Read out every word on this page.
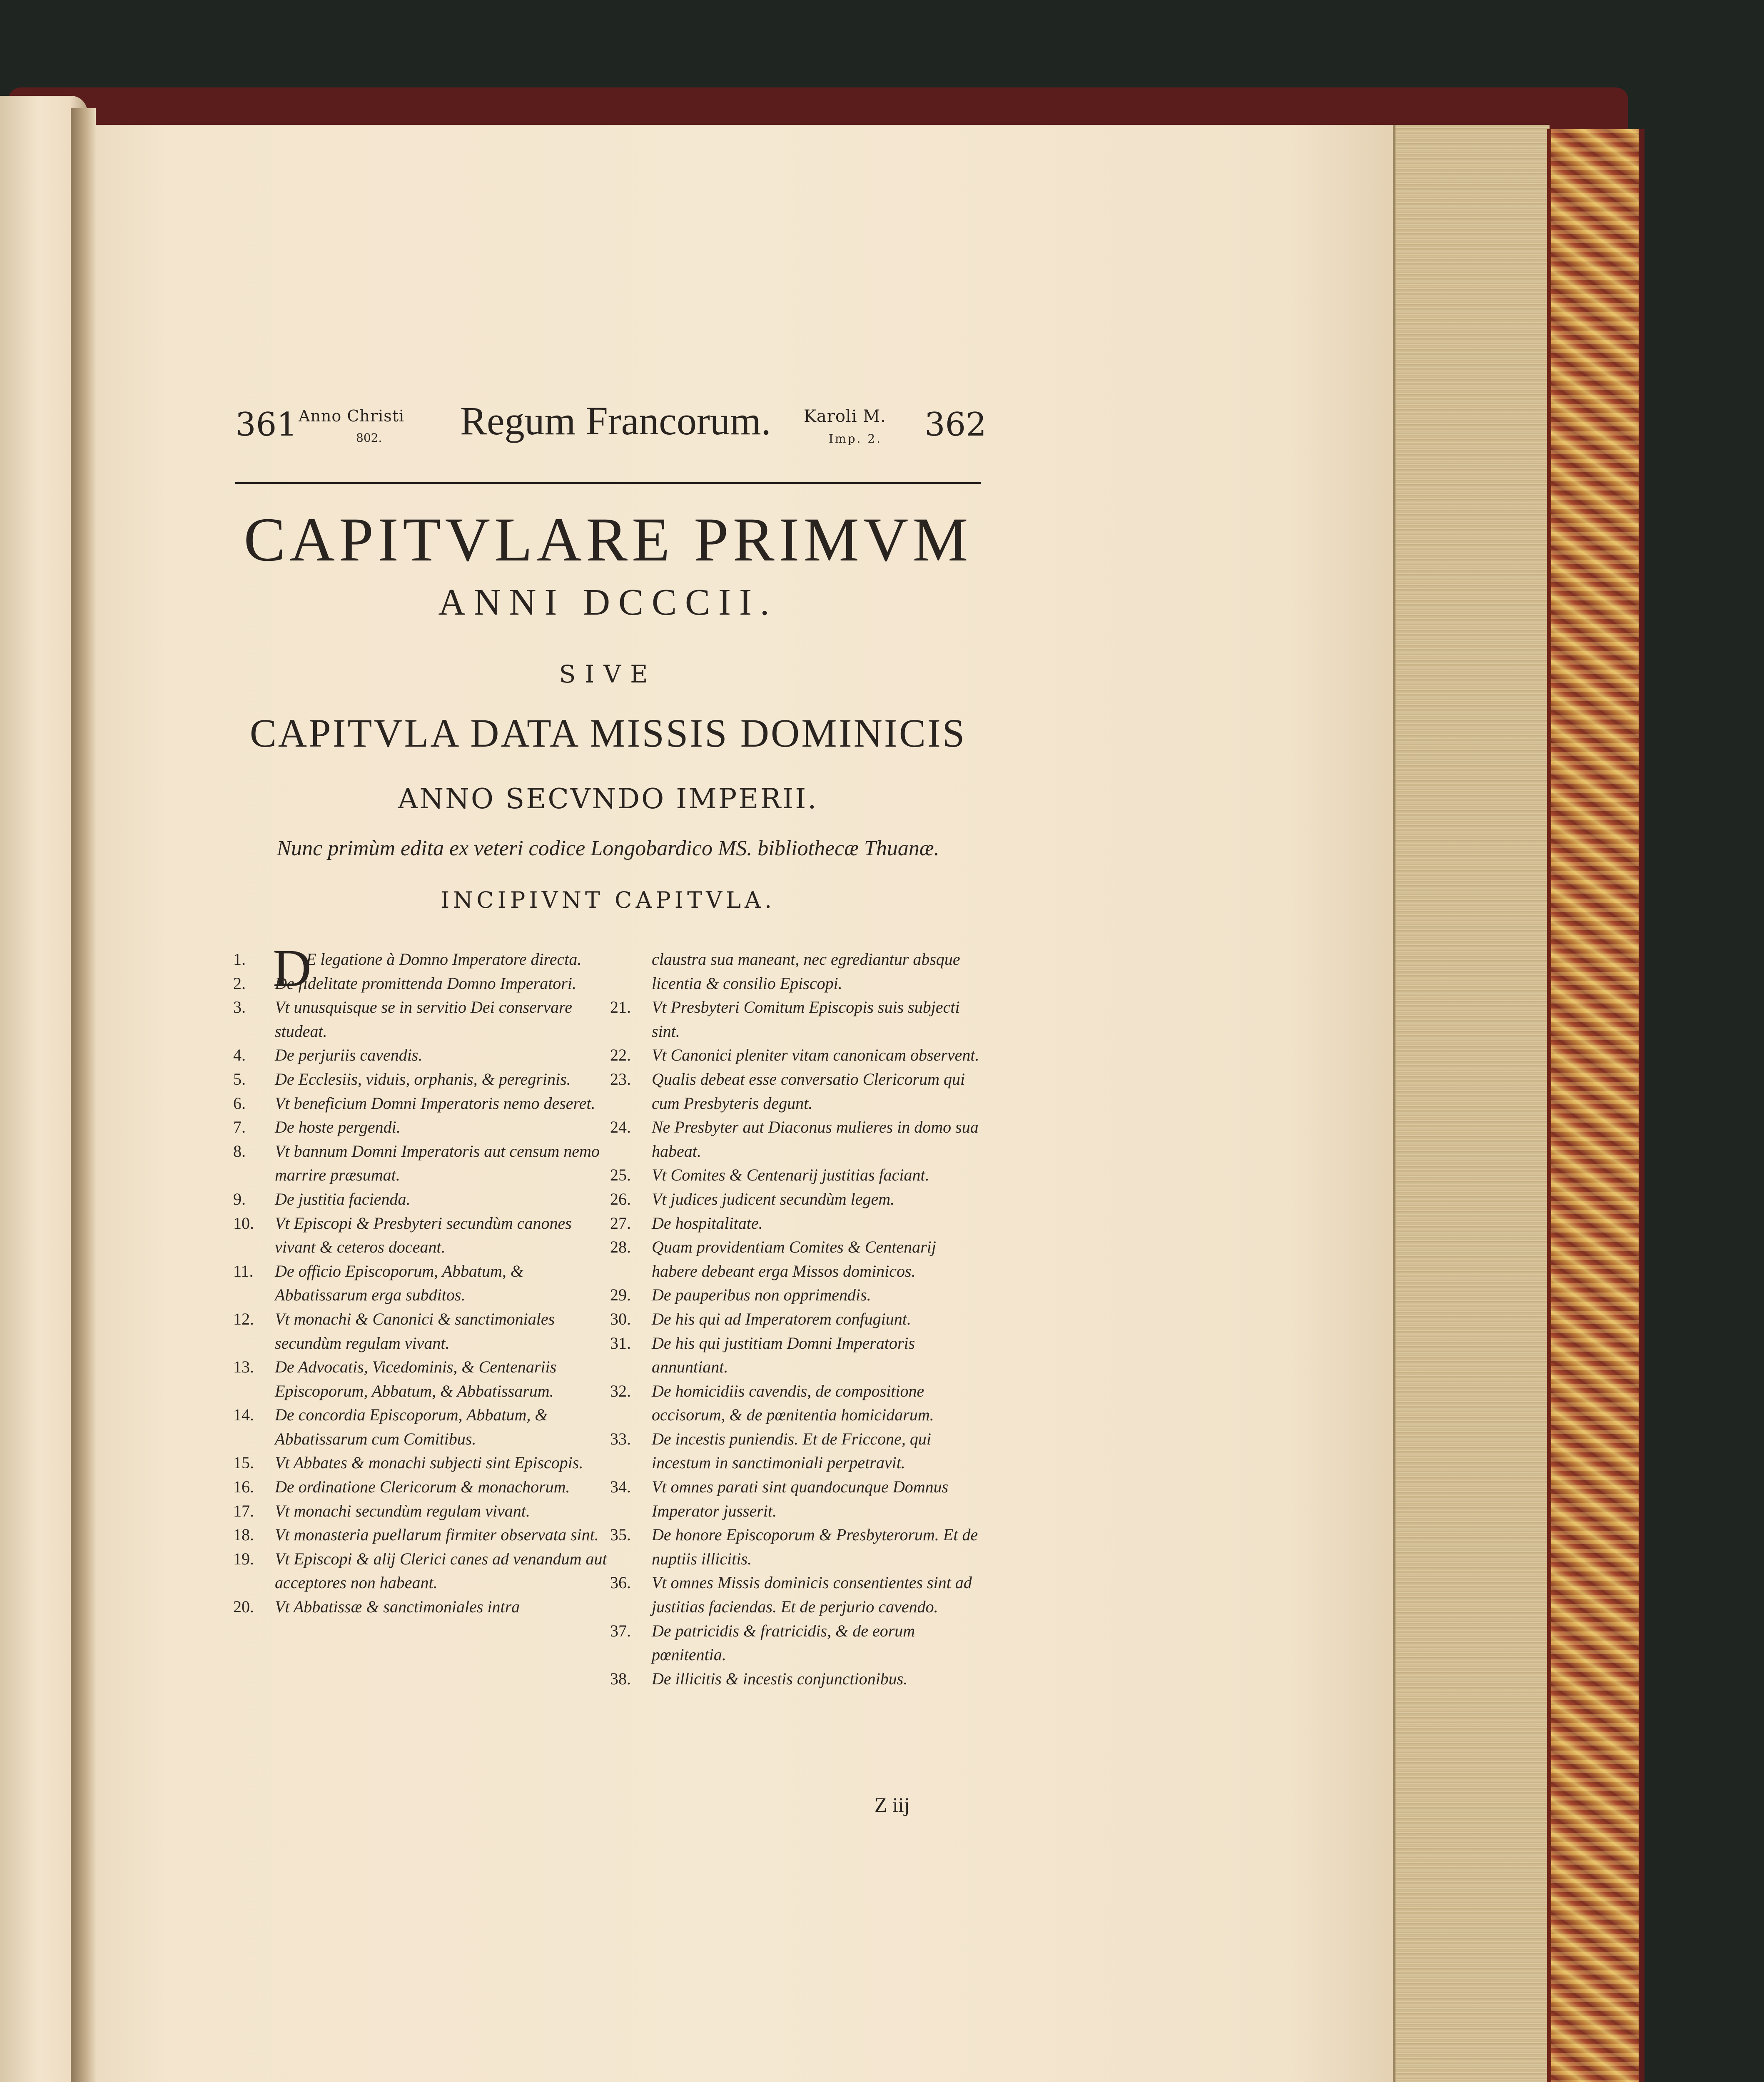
361 Anno Christi
802. Regum Francorum. Karoli M.
Imp. 2. 362
CAPITVLARE PRIMVM
ANNI DCCCII.
SIVE
CAPITVLA DATA MISSIS DOMINICIS
ANNO SECVNDO IMPERII.
Nunc primùm edita ex veteri codice Longobardico MS. bibliothecæ Thuanæ.
INCIPIVNT CAPITVLA.

1. D
E legatione à Domno Imperatore directa.

2. De fidelitate promittenda Domno Imperatori.

3. Vt unusquisque se in servitio Dei conservare studeat.

4. De perjuriis cavendis.

5. De Ecclesiis, viduis, orphanis, & peregrinis.

6. Vt beneficium Domni Imperatoris nemo deseret.

7. De hoste pergendi.

8. Vt bannum Domni Imperatoris aut censum nemo marrire præsumat.

9. De justitia facienda.

10. Vt Episcopi & Presbyteri secundùm canones vivant & ceteros doceant.

11. De officio Episcoporum, Abbatum, & Abbatissarum erga subditos.

12. Vt monachi & Canonici & sanctimoniales secundùm regulam vivant.

13. De Advocatis, Vicedominis, & Centenariis Episcoporum, Abbatum, & Abbatissarum.

14. De concordia Episcoporum, Abbatum, & Abbatissarum cum Comitibus.

15. Vt Abbates & monachi subjecti sint Episcopis.

16. De ordinatione Clericorum & monachorum.

17. Vt monachi secundùm regulam vivant.

18. Vt monasteria puellarum firmiter observata sint.

19. Vt Episcopi & alij Clerici canes ad venandum aut acceptores non habeant.

20. Vt Abbatissæ & sanctimoniales intra

claustra sua maneant, nec egrediantur absque licentia & consilio Episcopi.

21. Vt Presbyteri Comitum Episcopis suis subjecti sint.

22. Vt Canonici pleniter vitam canonicam observent.

23. Qualis debeat esse conversatio Clericorum qui cum Presbyteris degunt.

24. Ne Presbyter aut Diaconus mulieres in domo sua habeat.

25. Vt Comites & Centenarij justitias faciant.

26. Vt judices judicent secundùm legem.

27. De hospitalitate.

28. Quam providentiam Comites & Centenarij habere debeant erga Missos dominicos.

29. De pauperibus non opprimendis.

30. De his qui ad Imperatorem confugiunt.

31. De his qui justitiam Domni Imperatoris annuntiant.

32. De homicidiis cavendis, de compositione occisorum, & de pœnitentia homicidarum.

33. De incestis puniendis. Et de Friccone, qui incestum in sanctimoniali perpetravit.

34. Vt omnes parati sint quandocunque Domnus Imperator jusserit.

35. De honore Episcoporum & Presbyterorum. Et de nuptiis illicitis.

36. Vt omnes Missis dominicis consentientes sint ad justitias faciendas. Et de perjurio cavendo.

37. De patricidis & fratricidis, & de eorum pœnitentia.

38. De illicitis & incestis conjunctionibus.

Z iij
